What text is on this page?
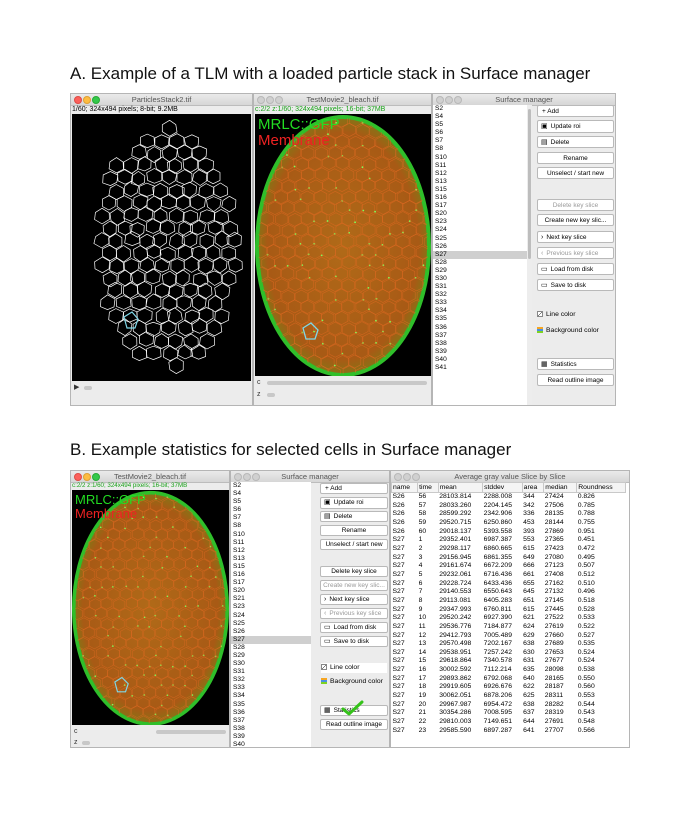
A. Example of a TLM with a loaded particle stack in Surface manager
B. Example statistics for selected cells in Surface manager
ParticlesStack2.tif
1/60; 324x494 pixels; 8-bit; 9.2MB
▶
TestMovie2_bleach.tif
c:2/2 z:1/60; 324x494 pixels; 16-bit; 37MB
MRLC::GFP
Membrane
c
z
Surface manager
S2
S4
S5
S6
S7
S8
S10
S11
S12
S13
S15
S16
S17
S20
S23
S24
S25
S26
S27
S28
S29
S30
S31
S32
S33
S34
S35
S36
S37
S38
S39
S40
S41
+ Add
▣ Update roi
▤ Delete
Rename
Unselect / start new
Delete key slice
Create new key slic...
› Next key slice
‹ Previous key slice
▭ Load from disk
▭ Save to disk
Line color
Background color
▦ Statistics
Read outline image
TestMovie2_bleach.tif
c:2/2 z:1/60; 324x494 pixels; 16-bit; 37MB
MRLC::GFP
Membrane
c
z
Surface manager
S2
S4
S5
S6
S7
S8
S10
S11
S12
S13
S15
S16
S17
S20
S21
S23
S24
S25
S26
S27
S28
S29
S30
S31
S32
S33
S34
S35
S36
S37
S38
S39
S40
+ Add
▣ Update roi
▤ Delete
Rename
Unselect / start new
Delete key slice
Create new key slic...
› Next key slice
‹ Previous key slice
▭ Load from disk
▭ Save to disk
Line color
Background color
▦ Statistics
Read outline image
Average gray value Slice by Slice
name	time	mean	stddev	area	median	Roundness
S26	56	28103.814	2288.008	344	27424	0.826
S26	57	28033.260	2204.145	342	27506	0.785
S26	58	28599.292	2342.906	336	28135	0.788
S26	59	29520.715	6250.860	453	28144	0.755
S26	60	29018.137	5393.558	393	27869	0.951
S27	1	29352.401	6987.387	553	27365	0.451
S27	2	29298.117	6860.665	615	27423	0.472
S27	3	29156.945	6861.355	649	27080	0.495
S27	4	29161.674	6672.209	666	27123	0.507
S27	5	29232.061	6716.436	661	27408	0.512
S27	6	29228.724	6433.436	655	27162	0.510
S27	7	29140.553	6550.643	645	27132	0.496
S27	8	29113.081	6405.283	651	27145	0.518
S27	9	29347.993	6760.811	615	27445	0.528
S27	10	29520.242	6927.390	621	27522	0.533
S27	11	29536.776	7184.877	624	27619	0.522
S27	12	29412.793	7005.489	629	27660	0.527
S27	13	29570.498	7202.167	638	27689	0.535
S27	14	29538.951	7257.242	630	27653	0.524
S27	15	29618.864	7340.578	631	27677	0.524
S27	16	30002.592	7112.214	635	28098	0.538
S27	17	29893.862	6792.068	640	28165	0.550
S27	18	29919.605	6926.676	622	28187	0.560
S27	19	30062.051	6878.206	625	28311	0.553
S27	20	29967.987	6954.472	638	28282	0.544
S27	21	30354.286	7008.595	637	28319	0.543
S27	22	29810.003	7149.651	644	27691	0.548
S27	23	29585.590	6897.287	641	27707	0.566
